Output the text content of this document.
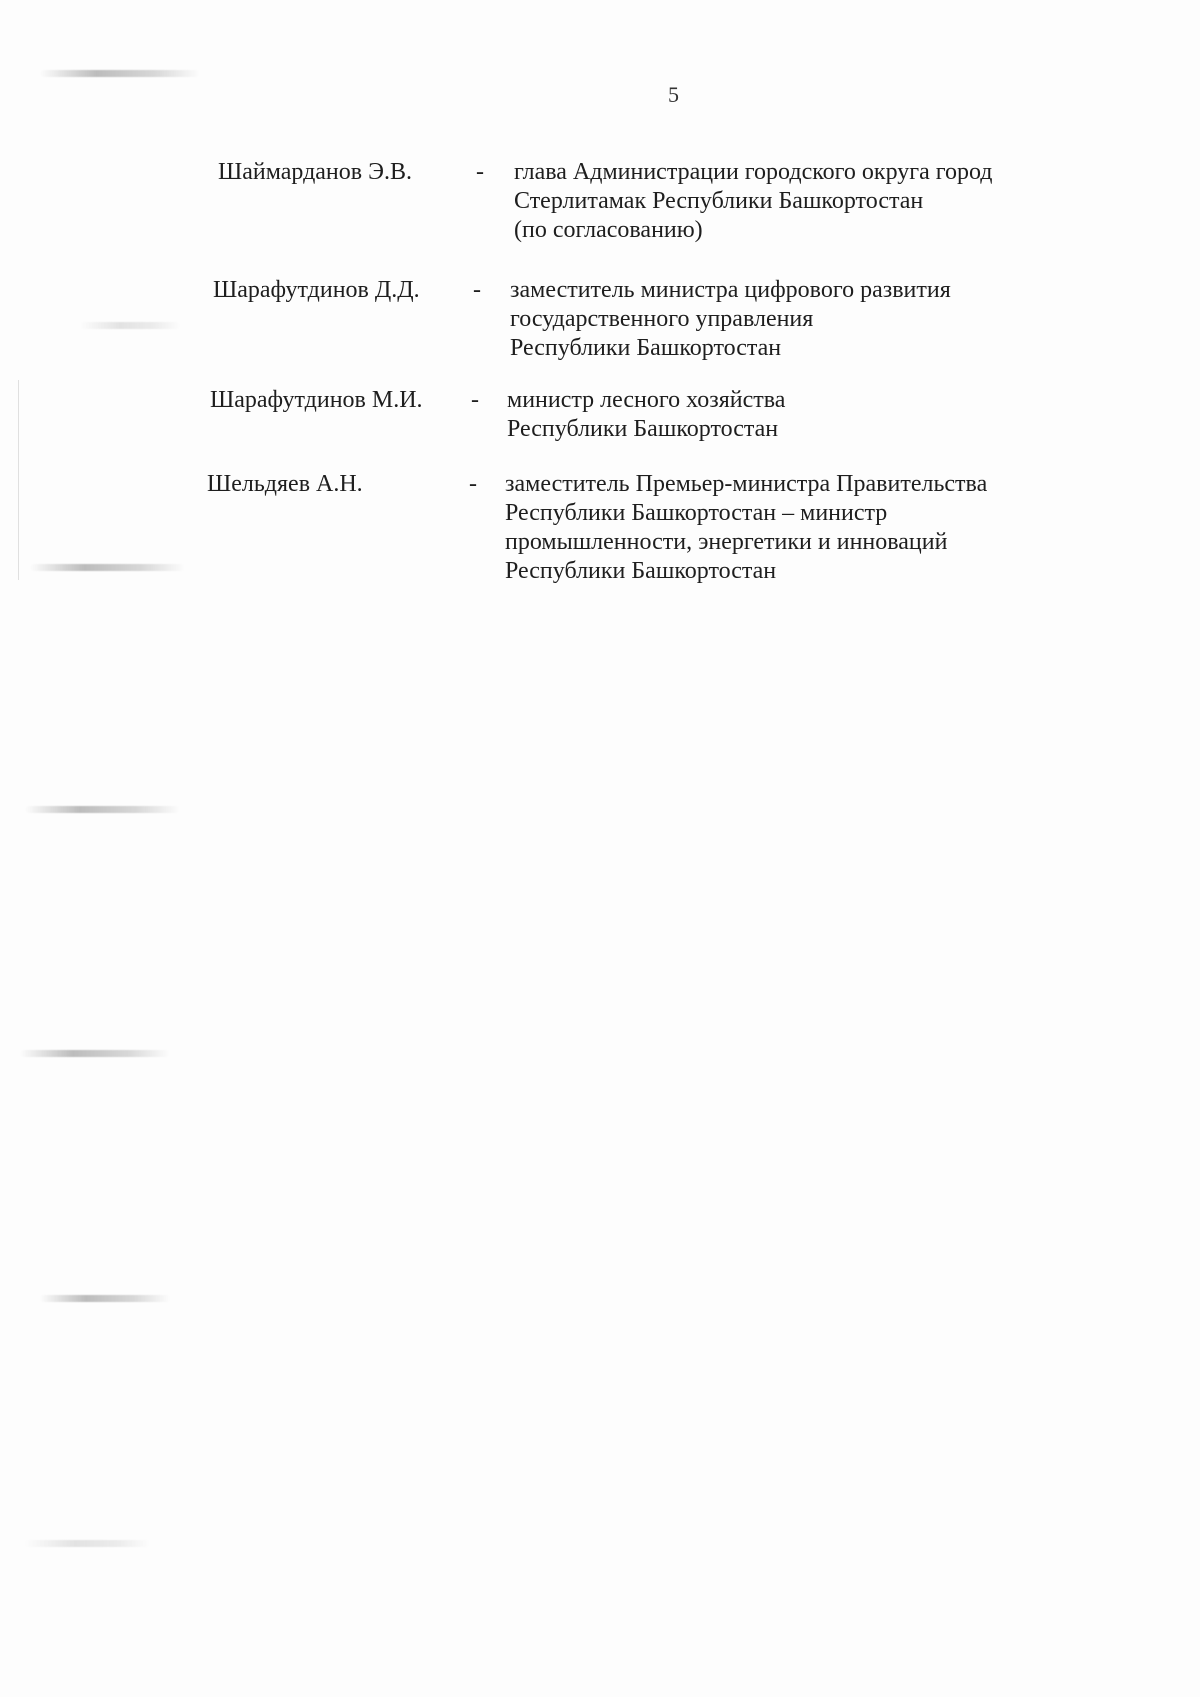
5
Шаймарданов Э.В.	- глава Администрации городского округа город
Стерлитамак Республики Башкортостан
(по согласованию)
Шарафутдинов Д.Д. - заместитель министра цифрового развития
государственного управления
Республики Башкортостан
Шарафутдинов М.И. - министр лесного хозяйства
Республики Башкортостан
Шельдяев А.Н.	- заместитель Премьер-министра Правительства
Республики Башкортостан – министр
промышленности, энергетики и инноваций
Республики Башкортостан
